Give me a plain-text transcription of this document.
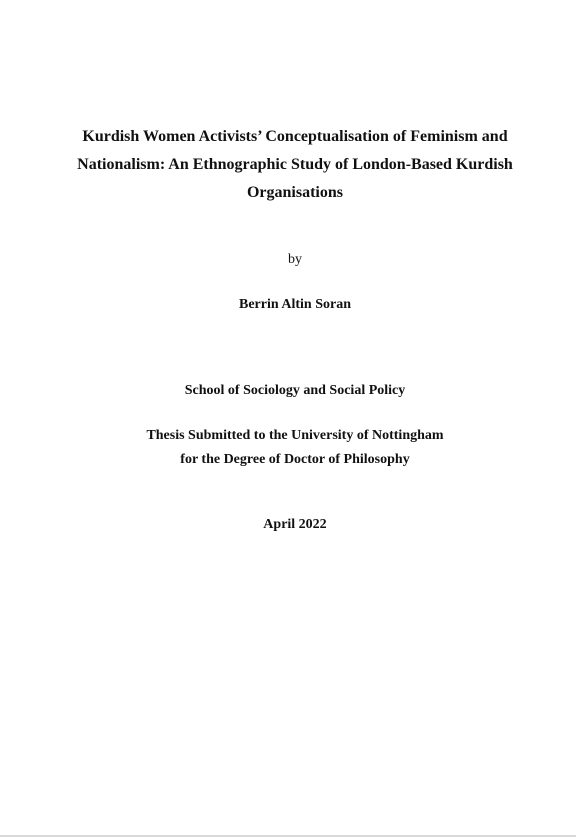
Kurdish Women Activists’ Conceptualisation of Feminism and
Nationalism: An Ethnographic Study of London-Based Kurdish
Organisations
by
Berrin Altin Soran
School of Sociology and Social Policy
Thesis Submitted to the University of Nottingham
for the Degree of Doctor of Philosophy
April 2022
